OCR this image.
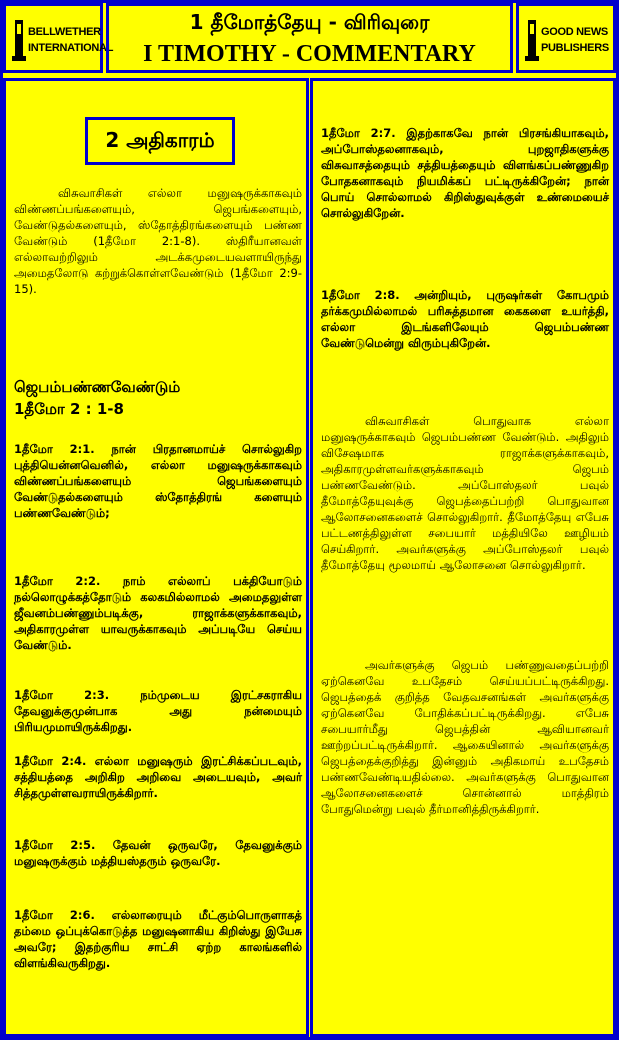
BELLWETHER
INTERNATIONAL
1 தீமோத்தேயு - விரிவுரை
I TIMOTHY - COMMENTARY
GOOD NEWS
PUBLISHERS
2 அதிகாரம்
விசுவாசிகள் எல்லா மனுஷருக்காகவும் விண்ணப்பங்களையும், ஜெபங்களையும், வேண்டுதல்களையும், ஸ்தோத்திரங்களையும் பண்ண வேண்டும் (1தீமோ 2:1-8). ஸ்திரீயானவள் எல்லாவற்றிலும் அடக்கமுடையவளாயிருந்து அமைதலோடு கற்றுக்கொள்ளவேண்டும் (1தீமோ 2:9-15).
ஜெபம்பண்ணவேண்டும்
1தீமோ 2 : 1-8
1தீமோ 2:1. நான் பிரதானமாய்ச் சொல்லுகிற புத்தியென்னவெனில், எல்லா மனுஷருக்காகவும் விண்ணப்பங்களையும் ஜெபங்களையும் வேண்டுதல்களையும் ஸ்தோத்திரங் களையும் பண்ணவேண்டும்;
1தீமோ 2:2. நாம் எல்லாப் பக்தியோடும் நல்லொழுக்கத்தோடும் கலகமில்லாமல் அமைதலுள்ள ஜீவனம்பண்ணும்படிக்கு, ராஜாக்களுக்காகவும், அதிகாரமுள்ள யாவருக்காகவும் அப்படியே செய்ய வேண்டும்.
1தீமோ 2:3. நம்முடைய இரட்சகராகிய தேவனுக்குமுன்பாக அது நன்மையும் பிரியமுமாயிருக்கிறது.
1தீமோ 2:4. எல்லா மனுஷரும் இரட்சிக்கப்படவும், சத்தியத்தை அறிகிற அறிவை அடையவும், அவர் சித்தமுள்ளவராயிருக்கிறார்.
1தீமோ 2:5. தேவன் ஒருவரே, தேவனுக்கும் மனுஷருக்கும் மத்தியஸ்தரும் ஒருவரே.
1தீமோ 2:6. எல்லாரையும் மீட்கும்பொருளாகத் தம்மை ஒப்புக்கொடுத்த மனுஷனாகிய கிறிஸ்து இயேசு அவரே; இதற்குரிய சாட்சி ஏற்ற காலங்களில் விளங்கிவருகிறது.
1தீமோ 2:7. இதற்காகவே நான் பிரசங்கியாகவும், அப்போஸ்தலனாகவும், புறஜாதிகளுக்கு விசுவாசத்தையும் சத்தியத்தையும் விளங்கப்பண்ணுகிற போதகனாகவும் நியமிக்கப் பட்டிருக்கிறேன்; நான் பொய் சொல்லாமல் கிறிஸ்துவுக்குள் உண்மையைச் சொல்லுகிறேன்.
1தீமோ 2:8. அன்றியும், புருஷர்கள் கோபமும் தர்க்கமுமில்லாமல் பரிசுத்தமான கைகளை உயர்த்தி, எல்லா இடங்களிலேயும் ஜெபம்பண்ண வேண்டுமென்று விரும்புகிறேன்.
விசுவாசிகள் பொதுவாக எல்லா மனுஷருக்காகவும் ஜெபம்பண்ண வேண்டும். அதிலும் விசேஷமாக ராஜாக்களுக்காகவும், அதிகாரமுள்ளவர்களுக்காகவும் ஜெபம் பண்ணவேண்டும். அப்போஸ்தலர் பவுல் தீமோத்தேயுவுக்கு ஜெபத்தைப்பற்றி பொதுவான ஆலோசனைகளைச் சொல்லுகிறார். தீமோத்தேயு எபேசு பட்டணத்திலுள்ள சபையார் மத்தியிலே ஊழியம் செய்கிறார். அவர்களுக்கு அப்போஸ்தலர் பவுல் தீமோத்தேயு மூலமாய் ஆலோசனை சொல்லுகிறார்.
அவர்களுக்கு ஜெபம் பண்ணுவதைப்பற்றி ஏற்கெனவே உபதேசம் செய்யப்பட்டிருக்கிறது. ஜெபத்தைக் குறித்த வேதவசனங்கள் அவர்களுக்கு ஏற்கெனவே போதிக்கப்பட்டிருக்கிறது. எபேசு சபையார்மீது ஜெபத்தின் ஆவியானவர் ஊற்றப்பட்டிருக்கிறார். ஆகையினால் அவர்களுக்கு ஜெபத்தைக்குறித்து இன்னும் அதிகமாய் உபதேசம் பண்ணவேண்டியதில்லை. அவர்களுக்கு பொதுவான ஆலோசனைகளைச் சொன்னால் மாத்திரம் போதுமென்று பவுல் தீர்மானித்திருக்கிறார்.
